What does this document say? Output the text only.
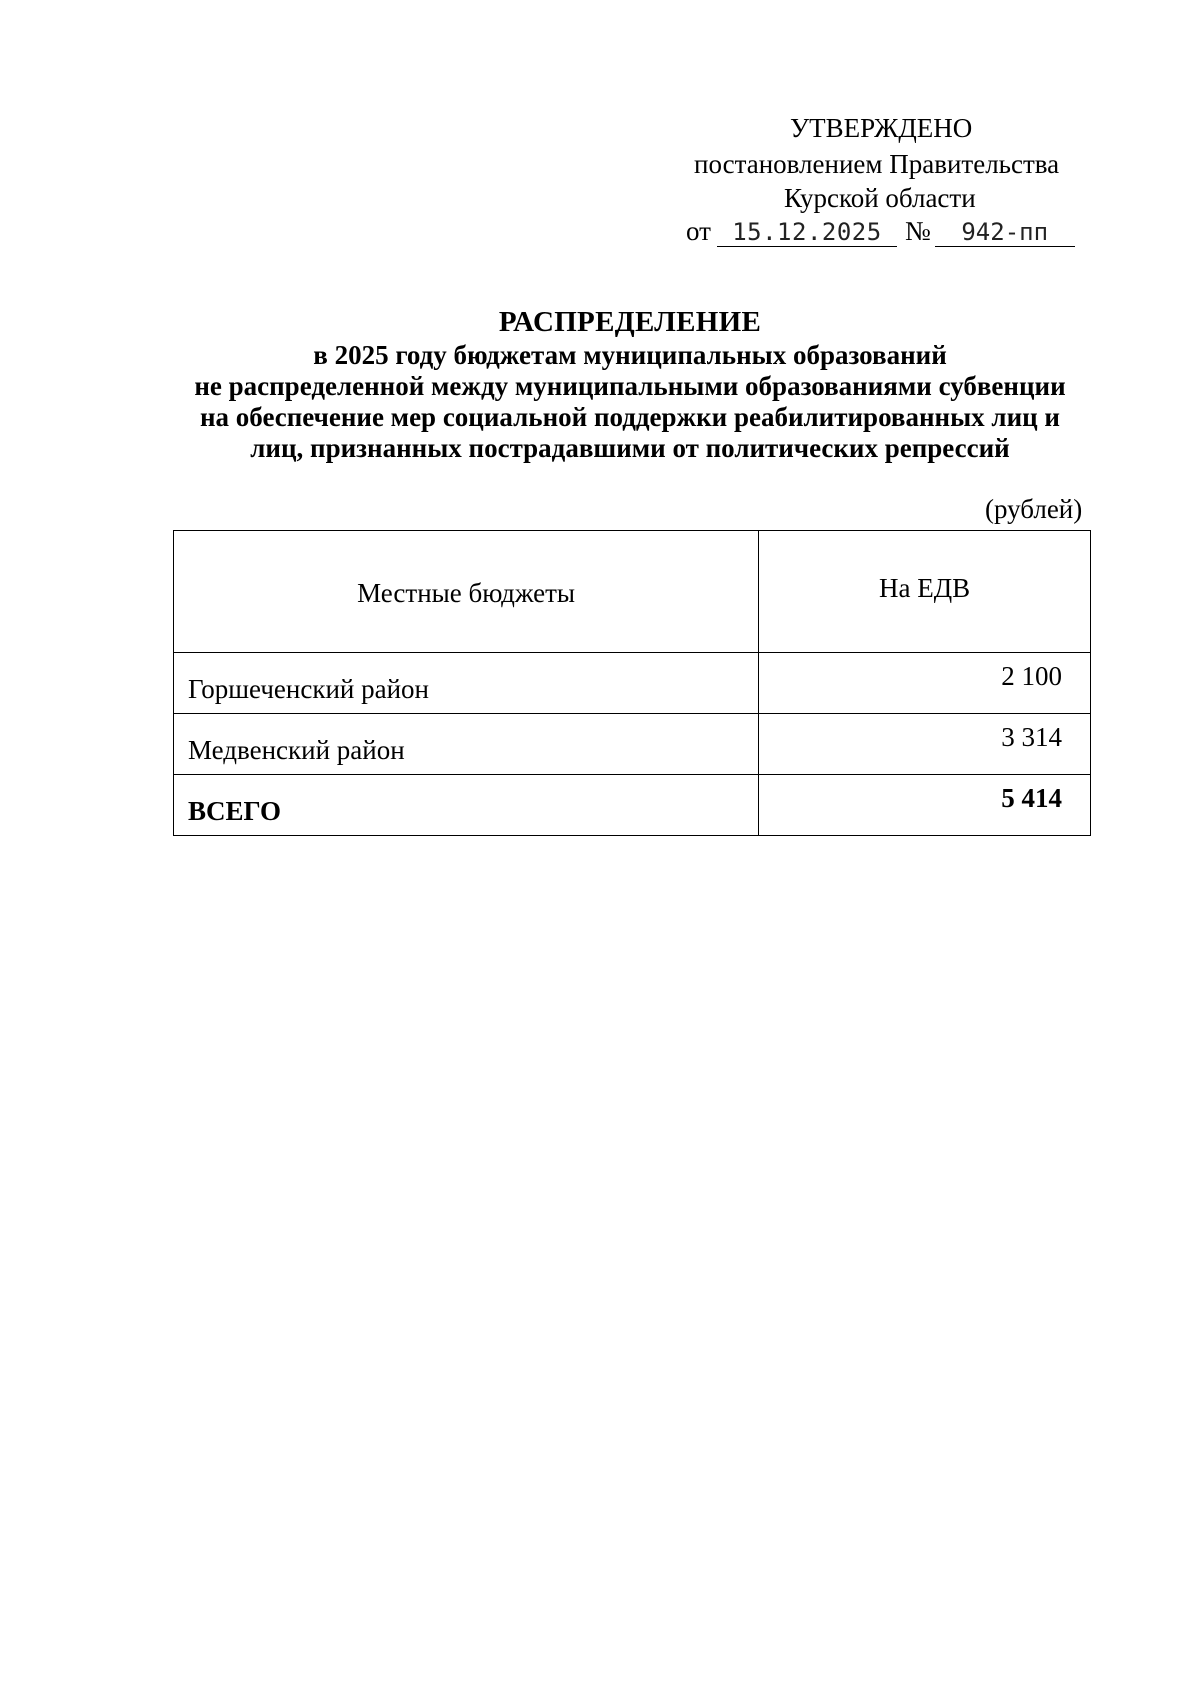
УТВЕРЖДЕНО
постановлением Правительства
Курской области
от 15.12.2025 № 942-пп
РАСПРЕДЕЛЕНИЕ
в 2025 году бюджетам муниципальных образований
не распределенной между муниципальными образованиями субвенции
на обеспечение мер социальной поддержки реабилитированных лиц и
лиц, признанных пострадавшими от политических репрессий
(рублей)
Местные бюджеты	На ЕДВ
Горшеченский район	2 100
Медвенский район	3 314
ВСЕГО	5 414
